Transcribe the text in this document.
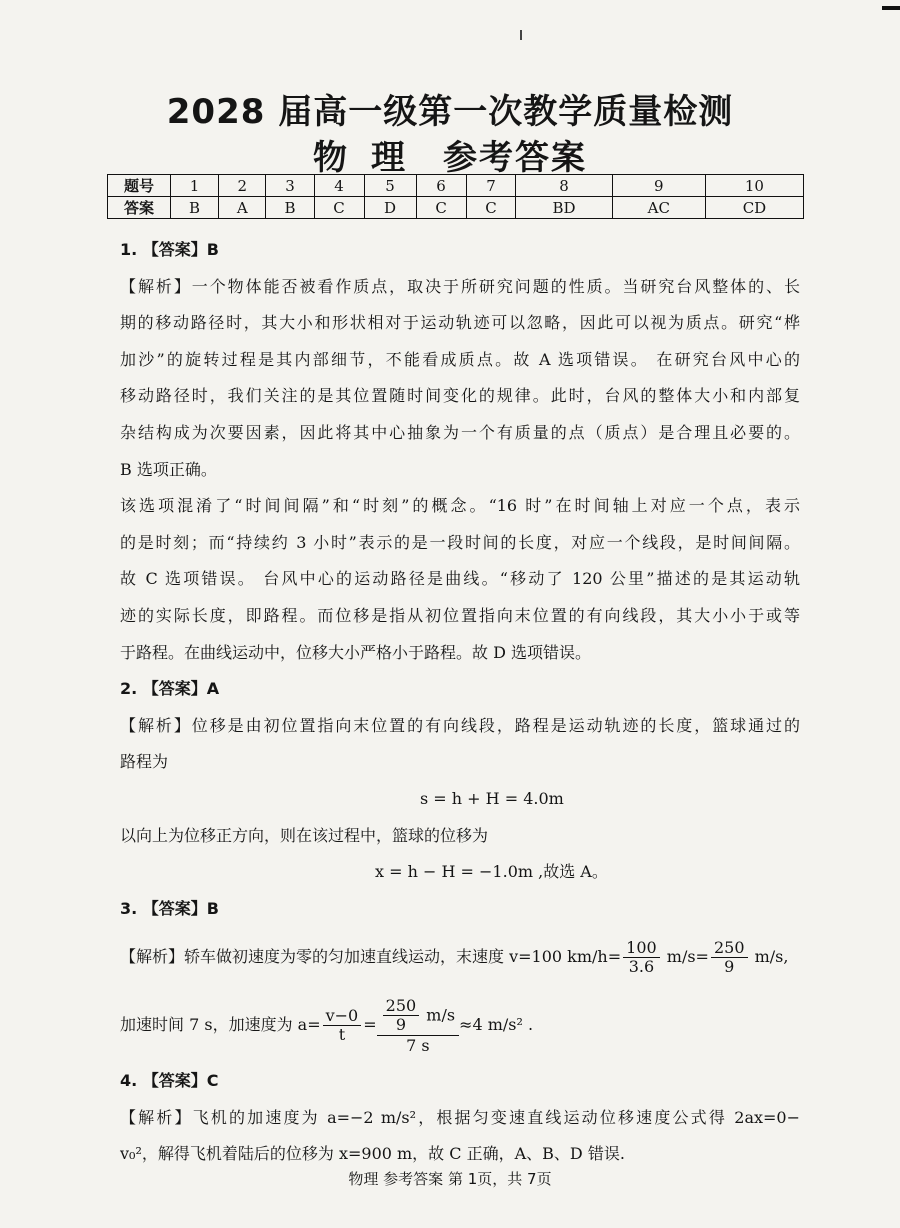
2028 届高一级第一次教学质量检测
物 理 参考答案
题号	1	2	3	4	5	6	7	8	9	10
答案	B	A	B	C	D	C	C	BD	AC	CD
1. 【答案】B
【解析】一个物体能否被看作质点，取决于所研究问题的性质。当研究台风整体的、长
期的移动路径时，其大小和形状相对于运动轨迹可以忽略，因此可以视为质点。研究“桦
加沙”的旋转过程是其内部细节，不能看成质点。故 A 选项错误。 在研究台风中心的
移动路径时，我们关注的是其位置随时间变化的规律。此时，台风的整体大小和内部复
杂结构成为次要因素，因此将其中心抽象为一个有质量的点（质点）是合理且必要的。
B 选项正确。
该选项混淆了“时间间隔”和“时刻”的概念。“16 时”在时间轴上对应一个点，表示
的是时刻；而“持续约 3 小时”表示的是一段时间的长度，对应一个线段，是时间间隔。
故 C 选项错误。 台风中心的运动路径是曲线。“移动了 120 公里”描述的是其运动轨
迹的实际长度，即路程。而位移是指从初位置指向末位置的有向线段，其大小小于或等
于路程。在曲线运动中，位移大小严格小于路程。故 D 选项错误。
2. 【答案】A
【解析】位移是由初位置指向末位置的有向线段，路程是运动轨迹的长度，篮球通过的
路程为
s = h + H = 4.0m
以向上为位移正方向，则在该过程中，篮球的位移为
x = h − H = −1.0m ,故选 A。
3. 【答案】B
【解析】轿车做初速度为零的匀加速直线运动，末速度 v=100 $km/h= \frac{100}{3.6} m/s= \frac{250}{9} m/s$,
加速时间 7 s，加速度为 $a= \frac{v-0}{t} = \frac{\frac{250}{9} m/s}{7 s} \approx 4$ m/s² .
4. 【答案】C
【解析】飞机的加速度为 a=−2 m/s²，根据匀变速直线运动位移速度公式得 2ax=0−
v₀²，解得飞机着陆后的位移为 x=900 m，故 C 正确，A、B、D 错误.
物理 参考答案 第 1页，共 7页
